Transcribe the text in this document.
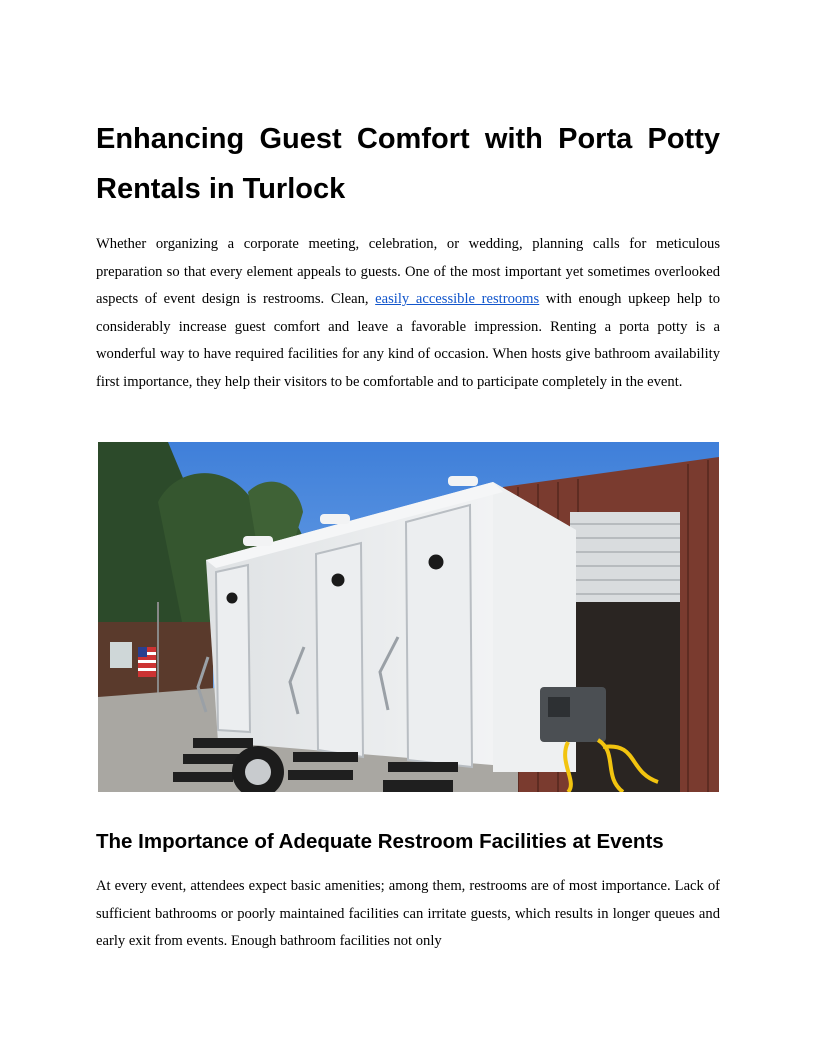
Enhancing Guest Comfort with Porta Potty Rentals in Turlock

Whether organizing a corporate meeting, celebration, or wedding, planning calls for meticulous preparation so that every element appeals to guests. One of the most important yet sometimes overlooked aspects of event design is restrooms. Clean, easily accessible restrooms with enough upkeep help to considerably increase guest comfort and leave a favorable impression. Renting a porta potty is a wonderful way to have required facilities for any kind of occasion. When hosts give bathroom availability first importance, they help their visitors to be comfortable and to participate completely in the event.

The Importance of Adequate Restroom Facilities at Events

At every event, attendees expect basic amenities; among them, restrooms are of most importance. Lack of sufficient bathrooms or poorly maintained facilities can irritate guests, which results in longer queues and early exit from events. Enough bathroom facilities not only
